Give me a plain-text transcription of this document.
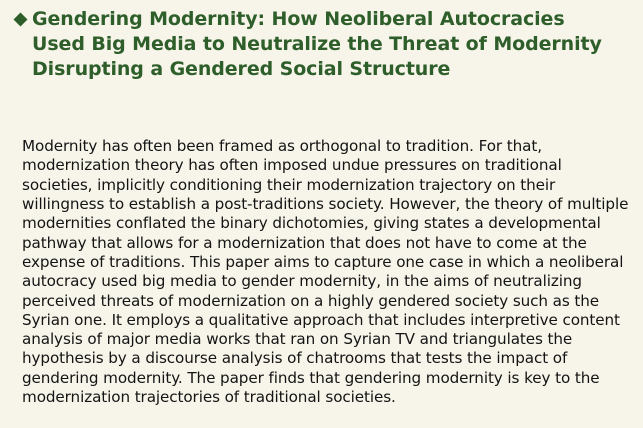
Gendering Modernity: How Neoliberal Autocracies Used Big Media to Neutralize the Threat of Modernity Disrupting a Gendered Social Structure

Modernity has often been framed as orthogonal to tradition. For that, modernization theory has often imposed undue pressures on traditional societies, implicitly conditioning their modernization trajectory on their willingness to establish a post-traditions society. However, the theory of multiple modernities conflated the binary dichotomies, giving states a developmental pathway that allows for a modernization that does not have to come at the expense of traditions. This paper aims to capture one case in which a neoliberal autocracy used big media to gender modernity, in the aims of neutralizing perceived threats of modernization on a highly gendered society such as the Syrian one. It employs a qualitative approach that includes interpretive content analysis of major media works that ran on Syrian TV and triangulates the hypothesis by a discourse analysis of chatrooms that tests the impact of gendering modernity. The paper finds that gendering modernity is key to the modernization trajectories of traditional societies.
